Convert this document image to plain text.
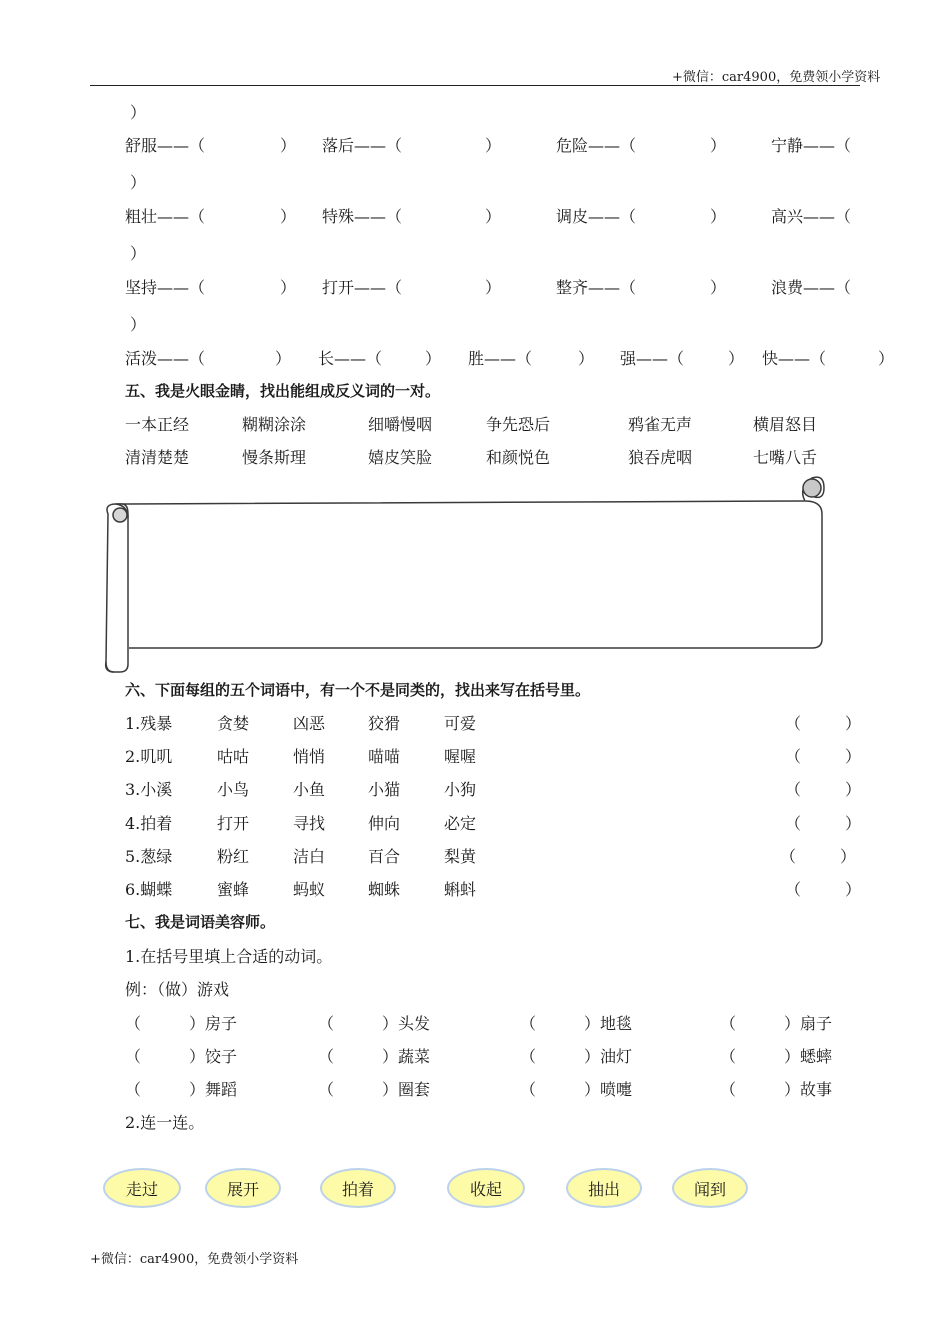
+微信：car4900，免费领小学资料
）
舒服——（	） 落后——（	）	危险——（	）	宁静——（
）
粗壮——（	） 特殊——（	）	调皮——（	）	高兴——（
）
坚持——（	） 打开——（	）	整齐——（	）	浪费——（
）
活泼——（	） 长——（	） 胜——（	） 强——（	） 快——（	）
五、我是火眼金睛，找出能组成反义词的一对。
一本正经	糊糊涂涂	细嚼慢咽	争先恐后	鸦雀无声	横眉怒目
清清楚楚	慢条斯理	嬉皮笑脸	和颜悦色	狼吞虎咽	七嘴八舌
六、下面每组的五个词语中，有一个不是同类的，找出来写在括号里。
1.残暴	贪婪	凶恶	狡猾	可爱	（	）
2.叽叽	咕咕	悄悄	喵喵	喔喔	（	）
3.小溪	小鸟	小鱼	小猫	小狗	（	）
4.拍着	打开	寻找	伸向	必定	（	）
5.葱绿	粉红	洁白	百合	梨黄	（	）
6.蝴蝶	蜜蜂	蚂蚁	蜘蛛	蝌蚪	（	）
七、我是词语美容师。
1.在括号里填上合适的动词。
例：（做）游戏
（　　　）房子	（　　　）头发	（　　　）地毯	（　　　）扇子
（　　　）饺子	（　　　）蔬菜	（　　　）油灯	（　　　）蟋蟀
（　　　）舞蹈	（　　　）圈套	（　　　）喷嚏	（　　　）故事
2.连一连。
走过	展开	拍着	收起	抽出	闻到
+微信：car4900，免费领小学资料
